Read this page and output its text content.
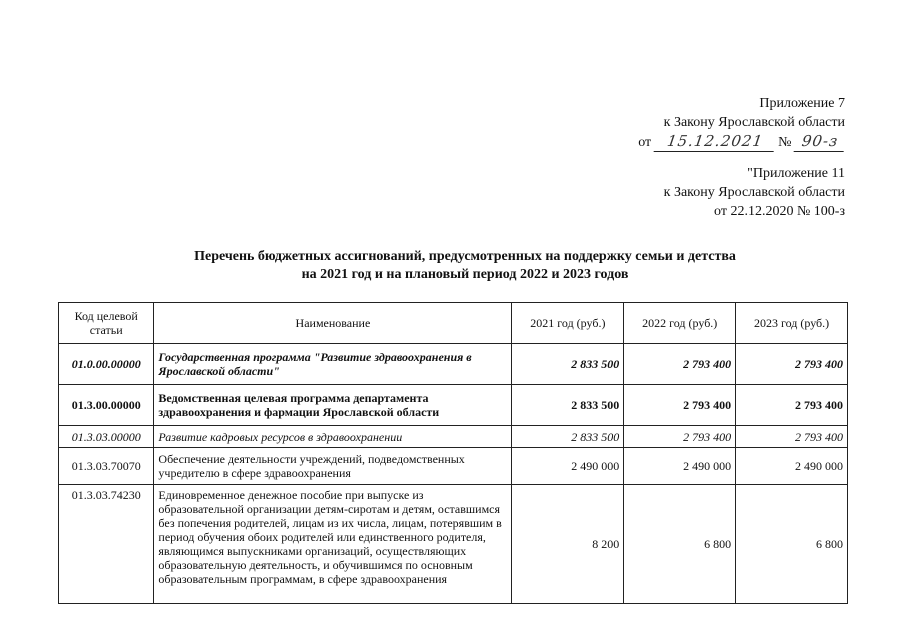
Приложение 7
к Закону Ярославской области
от 15.12.2021 № 90-з
"Приложение 11
к Закону Ярославской области
от 22.12.2020 № 100-з
Перечень бюджетных ассигнований, предусмотренных на поддержку семьи и детства
на 2021 год и на плановый период 2022 и 2023 годов
Код целевой статьи	Наименование	2021 год (руб.)	2022 год (руб.)	2023 год (руб.)
01.0.00.00000	Государственная программа "Развитие здравоохранения в Ярославской области"	2 833 500	2 793 400	2 793 400
01.3.00.00000	Ведомственная целевая программа департамента здравоохранения и фармации Ярославской области	2 833 500	2 793 400	2 793 400
01.3.03.00000	Развитие кадровых ресурсов в здравоохранении	2 833 500	2 793 400	2 793 400
01.3.03.70070	Обеспечение деятельности учреждений, подведомственных учредителю в сфере здравоохранения	2 490 000	2 490 000	2 490 000
01.3.03.74230	Единовременное денежное пособие при выпуске из образовательной организации детям-сиротам и детям, оставшимся без попечения родителей, лицам из их числа, лицам, потерявшим в период обучения обоих родителей или единственного родителя, являющимся выпускниками организаций, осуществляющих образовательную деятельность, и обучившимся по основным образовательным программам, в сфере здравоохранения	8 200	6 800	6 800
